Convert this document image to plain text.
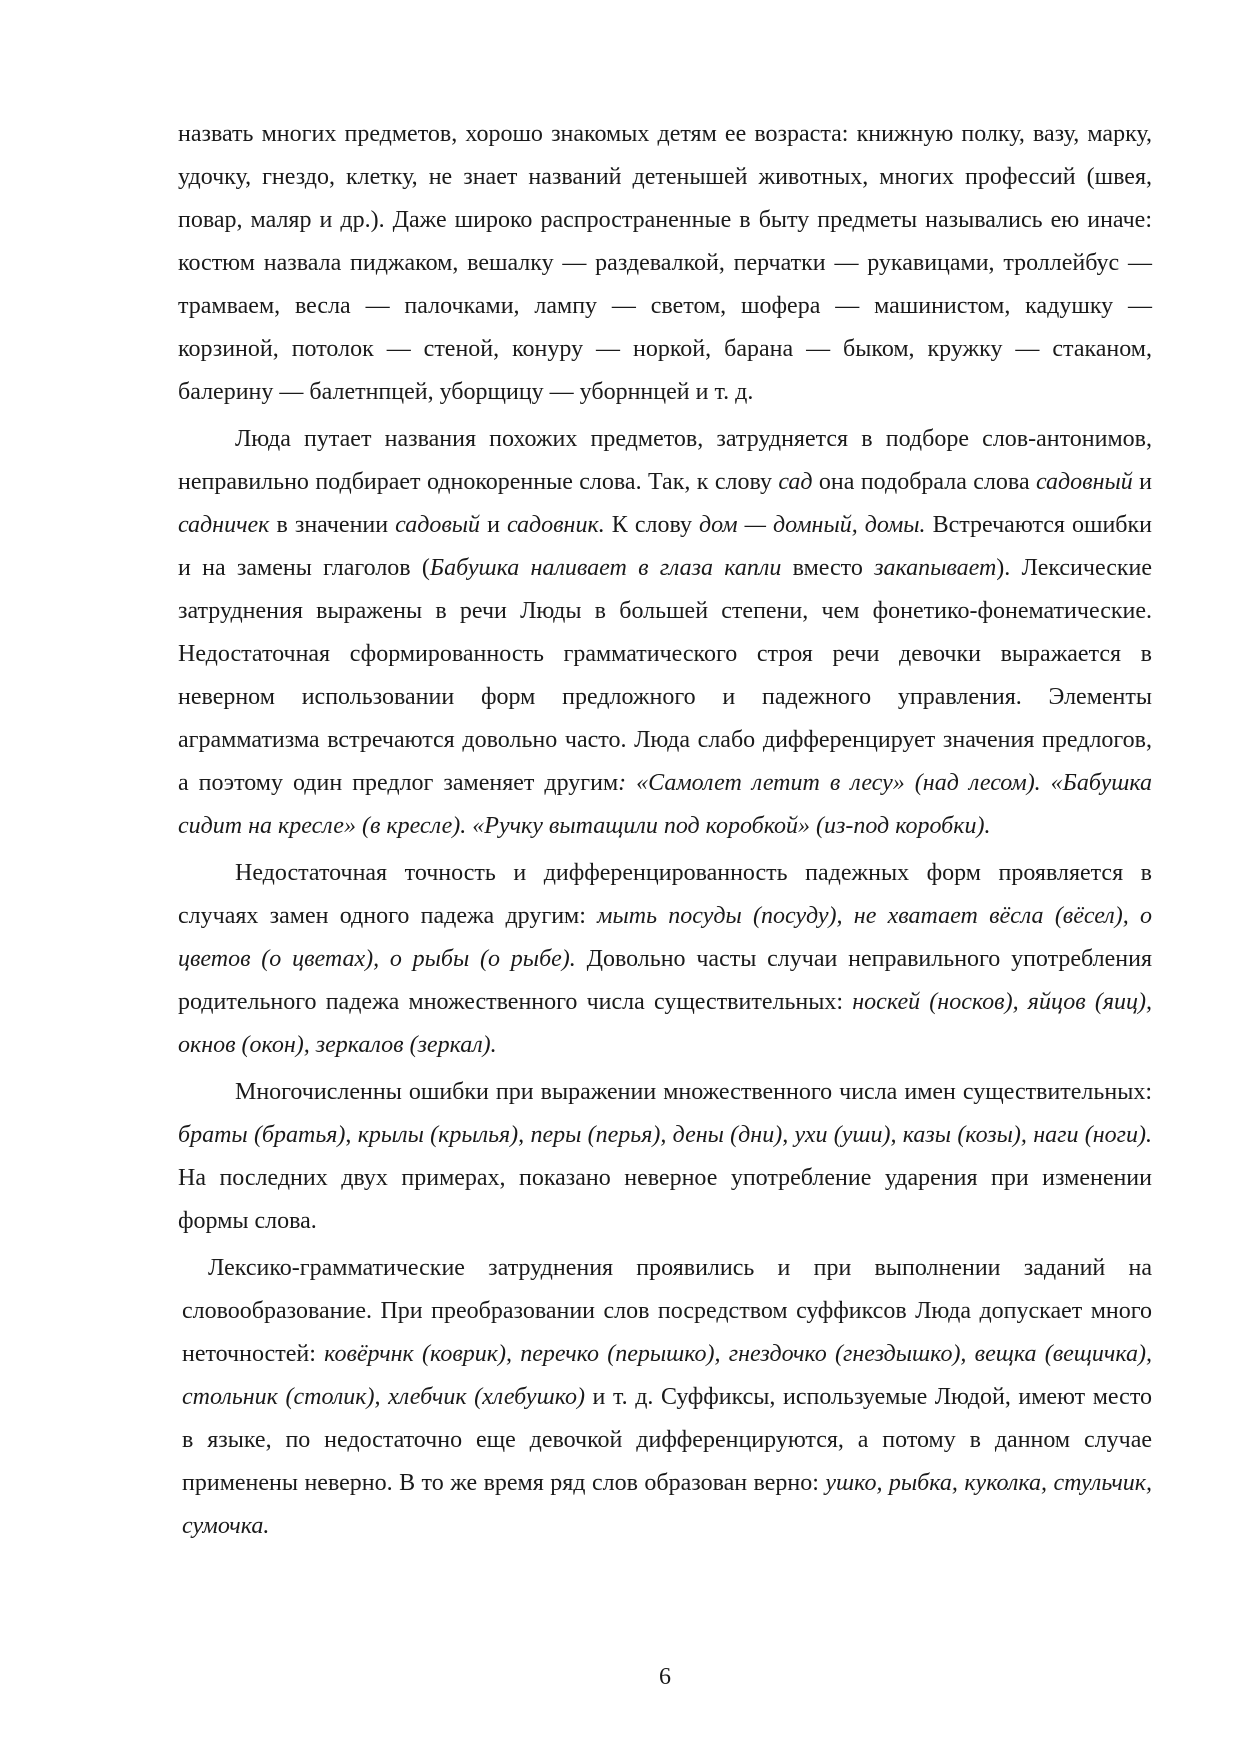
назвать многих предметов, хорошо знакомых детям ее возраста: книжную полку, вазу, марку, удочку, гнездо, клетку, не знает названий детенышей животных, многих профессий (швея, повар, маляр и др.). Даже широко распространенные в быту предметы назывались ею иначе: костюм назвала пиджаком, вешалку — раздевалкой, перчатки — рукавицами, троллейбус — трамваем, весла — палочками, лампу — светом, шофера — машинистом, кадушку — корзиной, потолок — стеной, конуру — норкой, барана — быком, кружку — стаканом, балерину — балетнпцей, уборщицу — уборннцей и т. д.

Люда путает названия похожих предметов, затрудняется в подборе слов-антонимов, неправильно подбирает однокоренные слова. Так, к слову сад она подобрала слова садовный и садничек в значении садовый и садовник. К слову дом — домный, домы. Встречаются ошибки и на замены глаголов (Бабушка наливает в глаза капли вместо закапывает). Лексические затруднения выражены в речи Люды в большей степени, чем фонетико-фонематические. Недостаточная сформированность грамматического строя речи девочки выражается в неверном использовании форм предложного и падежного управления. Элементы аграмматизма встречаются довольно часто. Люда слабо дифференцирует значения предлогов, а поэтому один предлог заменяет другим: «Самолет летит в лесу» (над лесом). «Бабушка сидит на кресле» (в кресле). «Ручку вытащили под коробкой» (из-под коробки).

Недостаточная точность и дифференцированность падежных форм проявляется в случаях замен одного падежа другим: мыть посуды (посуду), не хватает вёсла (вёсел), о цветов (о цветах), о рыбы (о рыбе). Довольно часты случаи неправильного употребления родительного падежа множественного числа существительных: носкей (носков), яйцов (яиц), окнов (окон), зеркалов (зеркал).

Многочисленны ошибки при выражении множественного числа имен существительных: браты (братья), крылы (крылья), перы (перья), дены (дни), ухи (уши), казы (козы), наги (ноги). На последних двух примерах, показано неверное употребление ударения при изменении формы слова.

Лексико-грамматические затруднения проявились и при выполнении заданий на словообразование. При преобразовании слов посредством суффиксов Люда допускает много неточностей: ковёрчнк (коврик), перечко (перышко), гнездочко (гнездышко), вещка (вещичка), стольник (столик), хлебчик (хлебушко) и т. д. Суффиксы, используемые Людой, имеют место в языке, по недостаточно еще девочкой дифференцируются, а потому в данном случае применены неверно. В то же время ряд слов образован верно: ушко, рыбка, куколка, стульчик, сумочка.

6
